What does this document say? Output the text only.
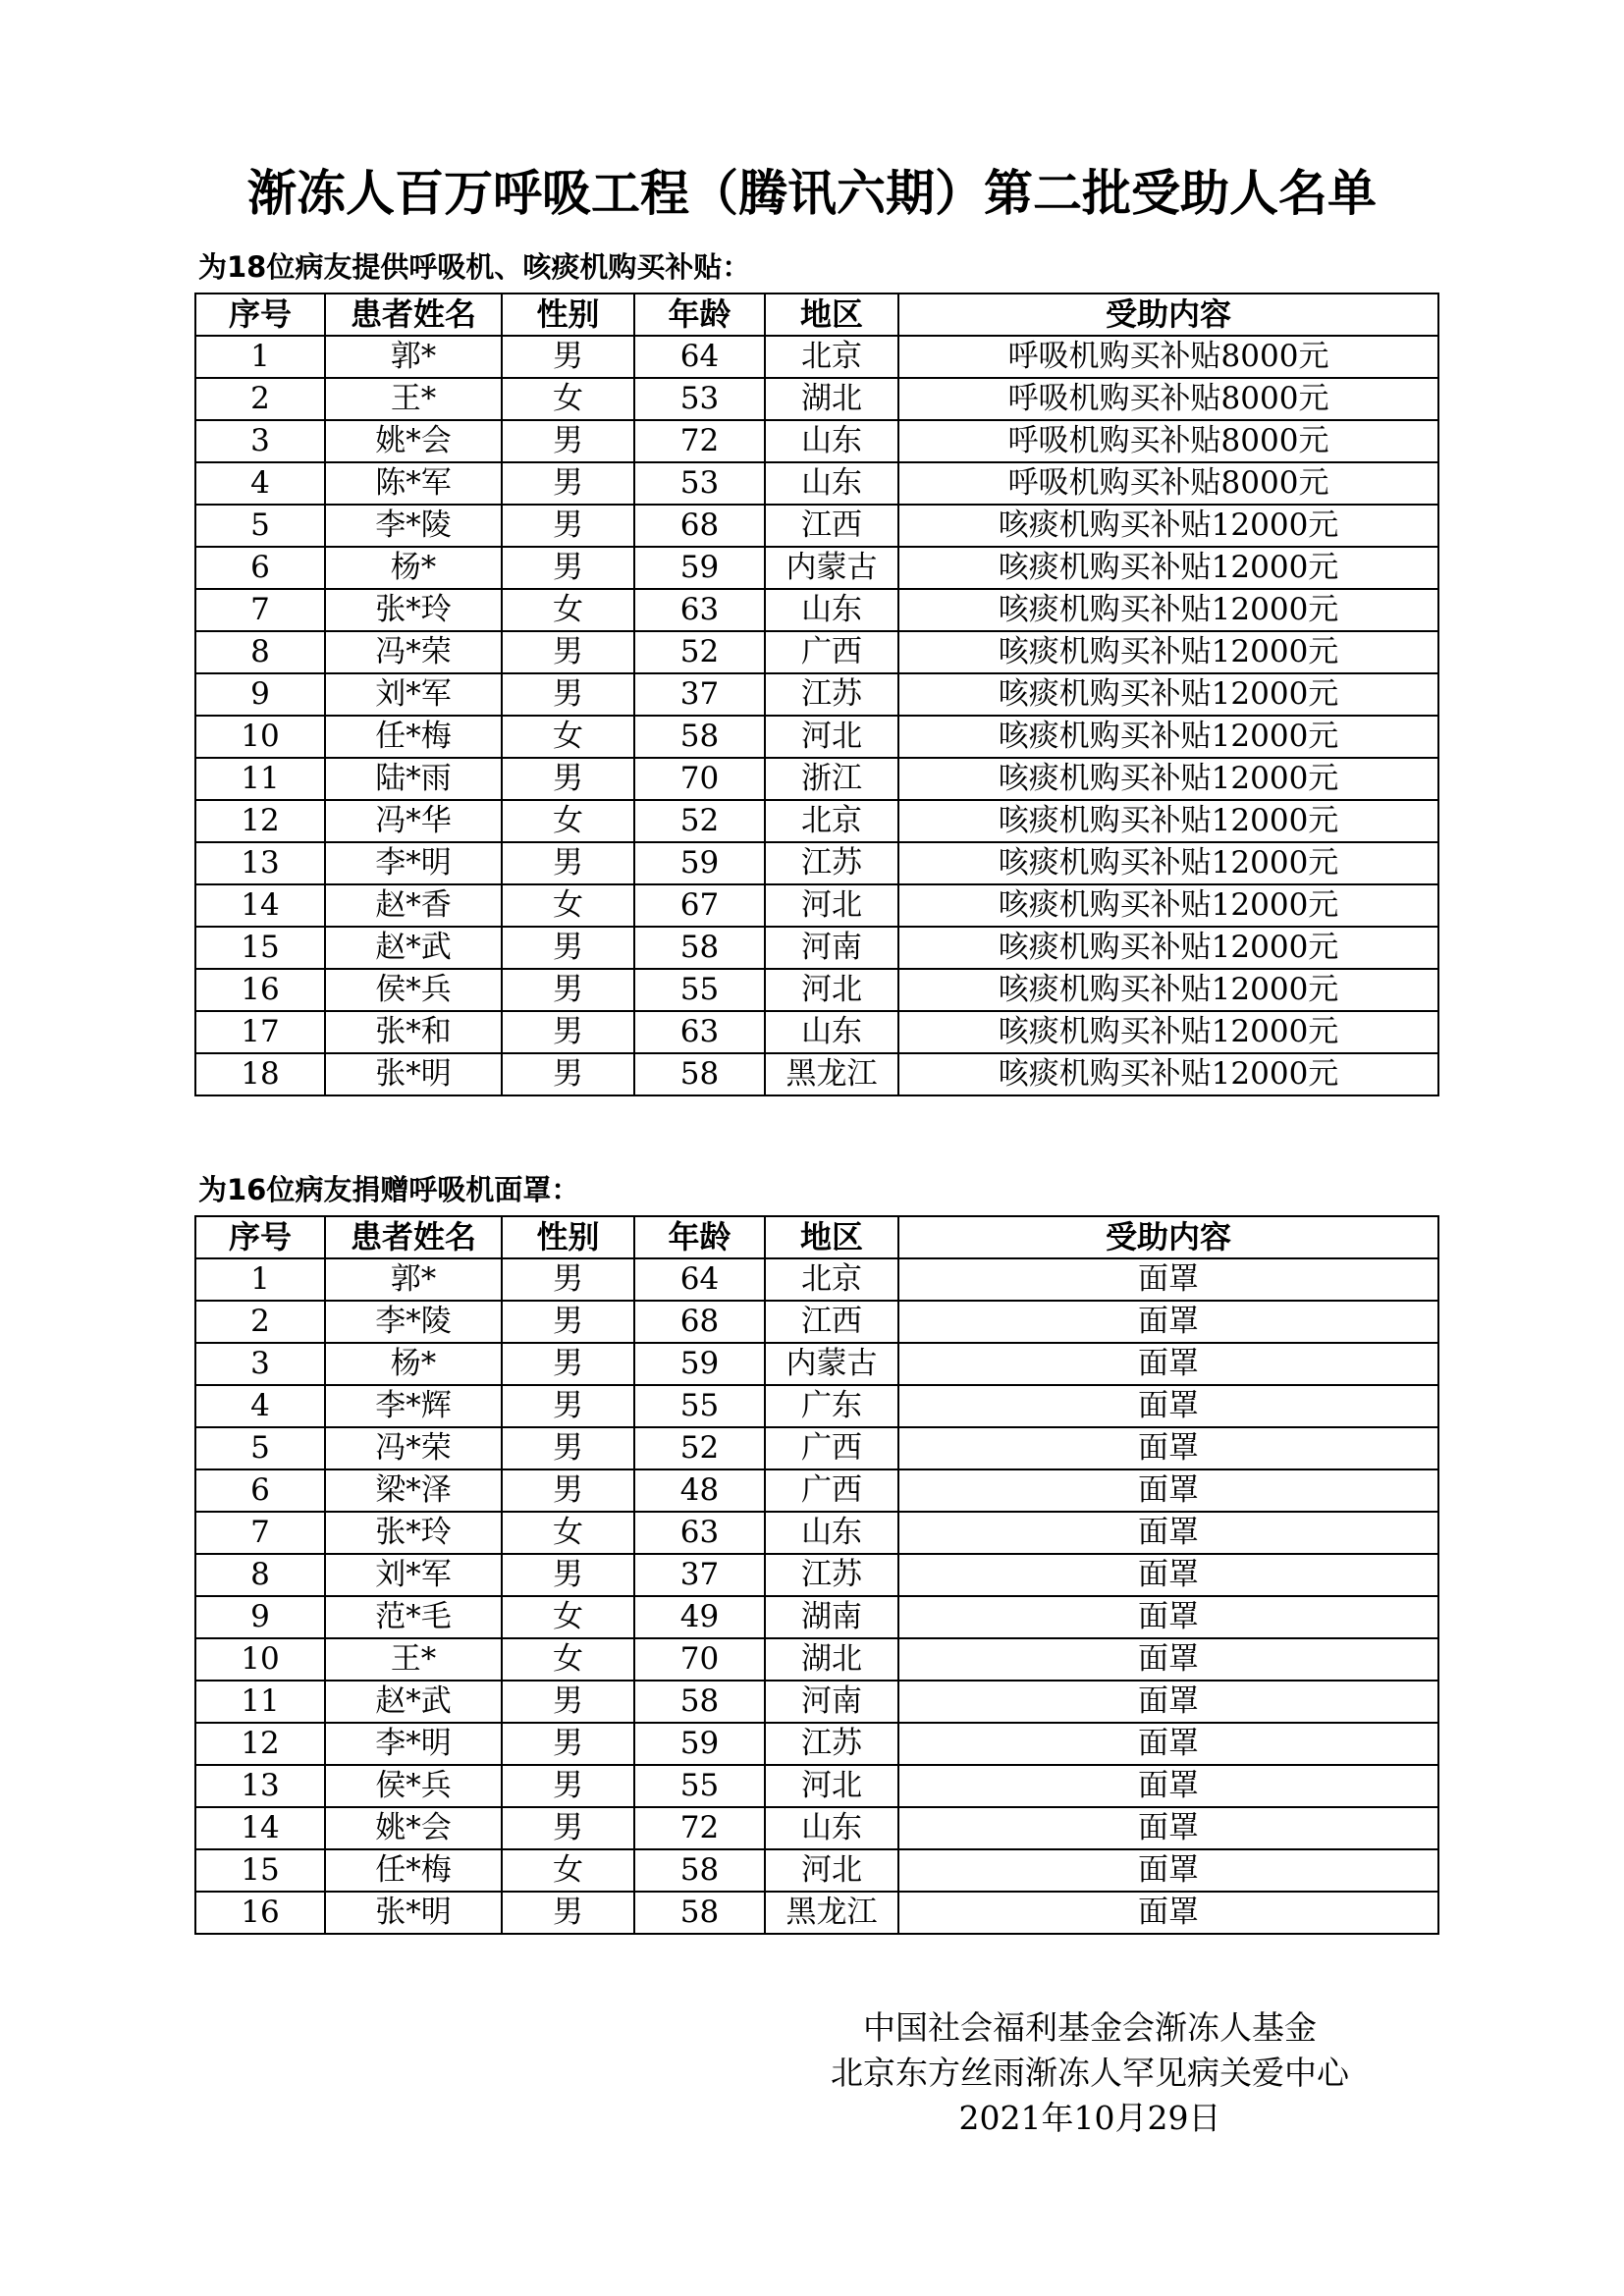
渐冻人百万呼吸工程（腾讯六期）第二批受助人名单
为18位病友提供呼吸机、咳痰机购买补贴：
序号	患者姓名	性别	年龄	地区	受助内容
1	郭*	男	64	北京	呼吸机购买补贴8000元
2	王*	女	53	湖北	呼吸机购买补贴8000元
3	姚*会	男	72	山东	呼吸机购买补贴8000元
4	陈*军	男	53	山东	呼吸机购买补贴8000元
5	李*陵	男	68	江西	咳痰机购买补贴12000元
6	杨*	男	59	内蒙古	咳痰机购买补贴12000元
7	张*玲	女	63	山东	咳痰机购买补贴12000元
8	冯*荣	男	52	广西	咳痰机购买补贴12000元
9	刘*军	男	37	江苏	咳痰机购买补贴12000元
10	任*梅	女	58	河北	咳痰机购买补贴12000元
11	陆*雨	男	70	浙江	咳痰机购买补贴12000元
12	冯*华	女	52	北京	咳痰机购买补贴12000元
13	李*明	男	59	江苏	咳痰机购买补贴12000元
14	赵*香	女	67	河北	咳痰机购买补贴12000元
15	赵*武	男	58	河南	咳痰机购买补贴12000元
16	侯*兵	男	55	河北	咳痰机购买补贴12000元
17	张*和	男	63	山东	咳痰机购买补贴12000元
18	张*明	男	58	黑龙江	咳痰机购买补贴12000元
为16位病友捐赠呼吸机面罩：
序号	患者姓名	性别	年龄	地区	受助内容
1	郭*	男	64	北京	面罩
2	李*陵	男	68	江西	面罩
3	杨*	男	59	内蒙古	面罩
4	李*辉	男	55	广东	面罩
5	冯*荣	男	52	广西	面罩
6	梁*泽	男	48	广西	面罩
7	张*玲	女	63	山东	面罩
8	刘*军	男	37	江苏	面罩
9	范*毛	女	49	湖南	面罩
10	王*	女	70	湖北	面罩
11	赵*武	男	58	河南	面罩
12	李*明	男	59	江苏	面罩
13	侯*兵	男	55	河北	面罩
14	姚*会	男	72	山东	面罩
15	任*梅	女	58	河北	面罩
16	张*明	男	58	黑龙江	面罩
中国社会福利基金会渐冻人基金
北京东方丝雨渐冻人罕见病关爱中心
2021年10月29日
